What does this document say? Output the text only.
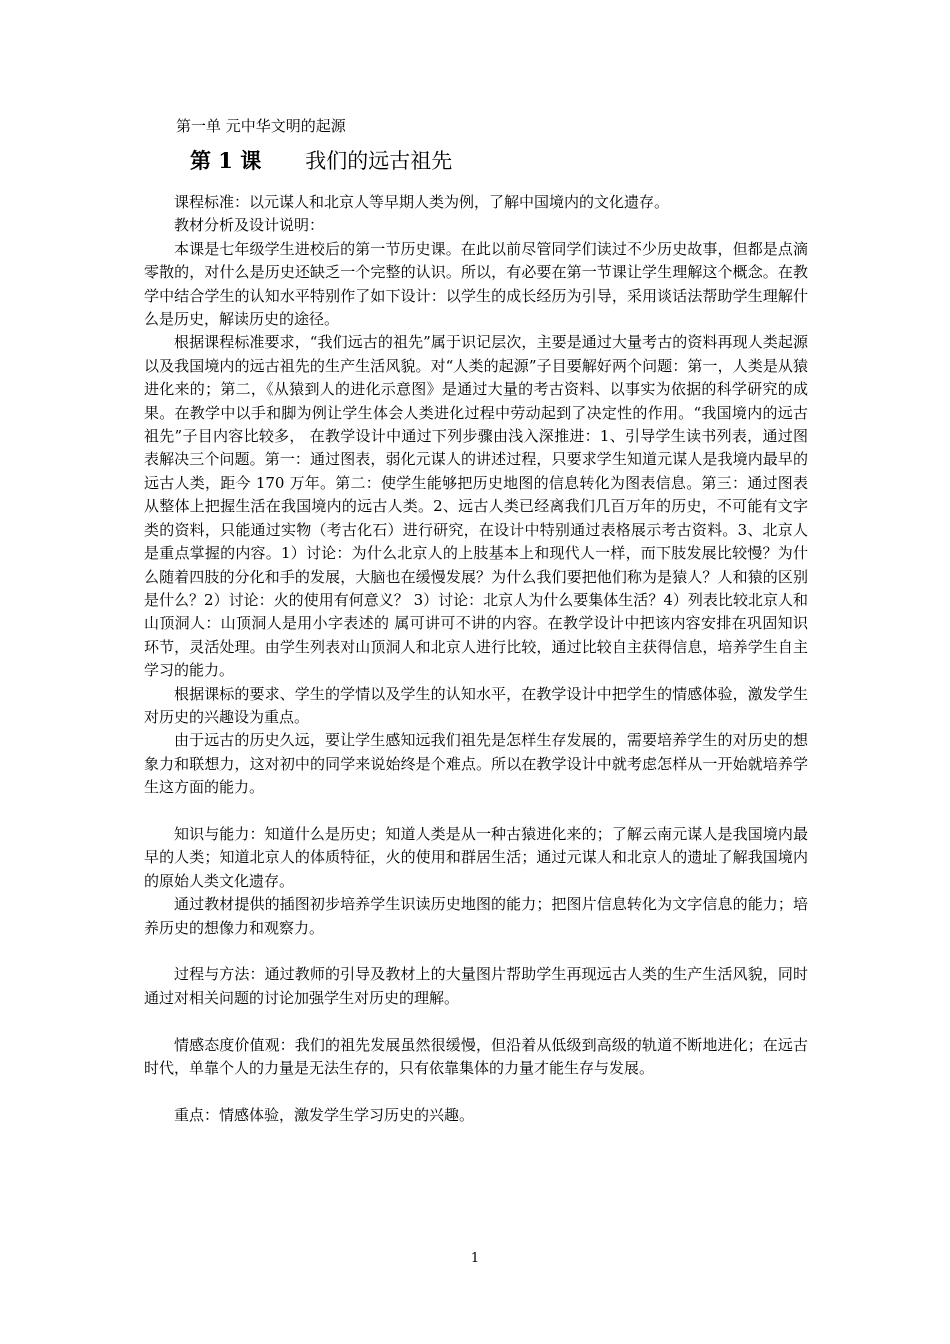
第一单 元中华文明的起源
第 1 课 我们的远古祖先

课程标准：以元谋人和北京人等早期人类为例，了解中国境内的文化遗存。

教材分析及设计说明：

本课是七年级学生进校后的第一节历史课。在此以前尽管同学们读过不少历史故事，但都是点滴零散的，对什么是历史还缺乏一个完整的认识。所以，有必要在第一节课让学生理解这个概念。在教学中结合学生的认知水平特别作了如下设计：以学生的成长经历为引导，采用谈话法帮助学生理解什么是历史，解读历史的途径。

根据课程标准要求，“我们远古的祖先”属于识记层次，主要是通过大量考古的资料再现人类起源以及我国境内的远古祖先的生产生活风貌。对“人类的起源”子目要解好两个问题：第一，人类是从猿进化来的；第二，《从猿到人的进化示意图》是通过大量的考古资料、以事实为依据的科学研究的成果。在教学中以手和脚为例让学生体会人类进化过程中劳动起到了决定性的作用。“我国境内的远古祖先”子目内容比较多， 在教学设计中通过下列步骤由浅入深推进：1、引导学生读书列表，通过图表解决三个问题。第一：通过图表，弱化元谋人的讲述过程，只要求学生知道元谋人是我境内最早的远古人类，距今 170 万年。第二：使学生能够把历史地图的信息转化为图表信息。第三：通过图表从整体上把握生活在我国境内的远古人类。2、远古人类已经离我们几百万年的历史，不可能有文字类的资料，只能通过实物（考古化石）进行研究，在设计中特别通过表格展示考古资料。3、北京人是重点掌握的内容。1）讨论：为什么北京人的上肢基本上和现代人一样，而下肢发展比较慢？为什么随着四肢的分化和手的发展，大脑也在缓慢发展？为什么我们要把他们称为是猿人？人和猿的区别是什么？2）讨论：火的使用有何意义？ 3）讨论：北京人为什么要集体生活？4）列表比较北京人和山顶洞人：山顶洞人是用小字表述的 属可讲可不讲的内容。在教学设计中把该内容安排在巩固知识环节，灵活处理。由学生列表对山顶洞人和北京人进行比较，通过比较自主获得信息，培养学生自主学习的能力。

根据课标的要求、学生的学情以及学生的认知水平，在教学设计中把学生的情感体验，激发学生对历史的兴趣设为重点。

由于远古的历史久远，要让学生感知远我们祖先是怎样生存发展的，需要培养学生的对历史的想象力和联想力，这对初中的同学来说始终是个难点。所以在教学设计中就考虑怎样从一开始就培养学生这方面的能力。

知识与能力：知道什么是历史；知道人类是从一种古猿进化来的；了解云南元谋人是我国境内最早的人类；知道北京人的体质特征，火的使用和群居生活；通过元谋人和北京人的遗址了解我国境内的原始人类文化遗存。

通过教材提供的插图初步培养学生识读历史地图的能力；把图片信息转化为文字信息的能力；培养历史的想像力和观察力。

过程与方法：通过教师的引导及教材上的大量图片帮助学生再现远古人类的生产生活风貌，同时通过对相关问题的讨论加强学生对历史的理解。

情感态度价值观：我们的祖先发展虽然很缓慢，但沿着从低级到高级的轨道不断地进化；在远古时代，单靠个人的力量是无法生存的，只有依靠集体的力量才能生存与发展。

重点：情感体验，激发学生学习历史的兴趣。

1
